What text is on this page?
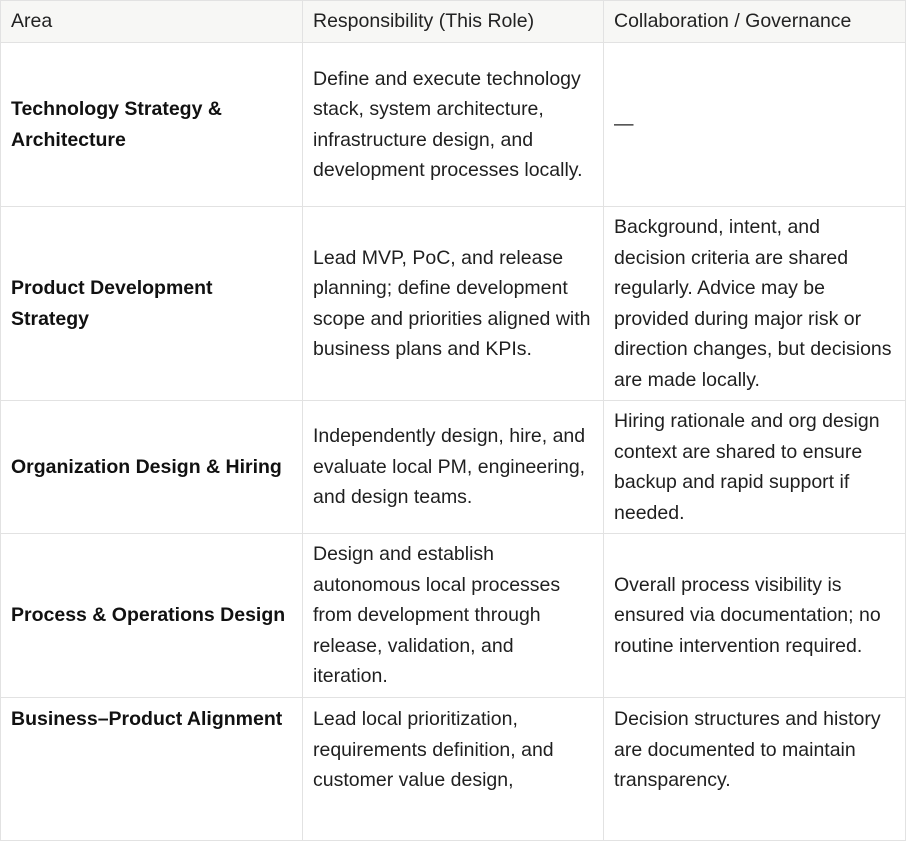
Area	Responsibility (This Role)	Collaboration / Governance
Technology Strategy & Architecture	Define and execute technology stack, system architecture, infrastructure design, and development processes locally.	—
Product Development Strategy	Lead MVP, PoC, and release planning; define development scope and priorities aligned with business plans and KPIs.	Background, intent, and decision criteria are shared regularly. Advice may be provided during major risk or direction changes, but decisions are made locally.
Organization Design & Hiring	Independently design, hire, and evaluate local PM, engineering, and design teams.	Hiring rationale and org design context are shared to ensure backup and rapid support if needed.
Process & Operations Design	Design and establish autonomous local processes from development through release, validation, and iteration.	Overall process visibility is ensured via documentation; no routine intervention required.
Business–Product Alignment	Lead local prioritization, requirements definition, and customer value design,	Decision structures and history are documented to maintain transparency.
